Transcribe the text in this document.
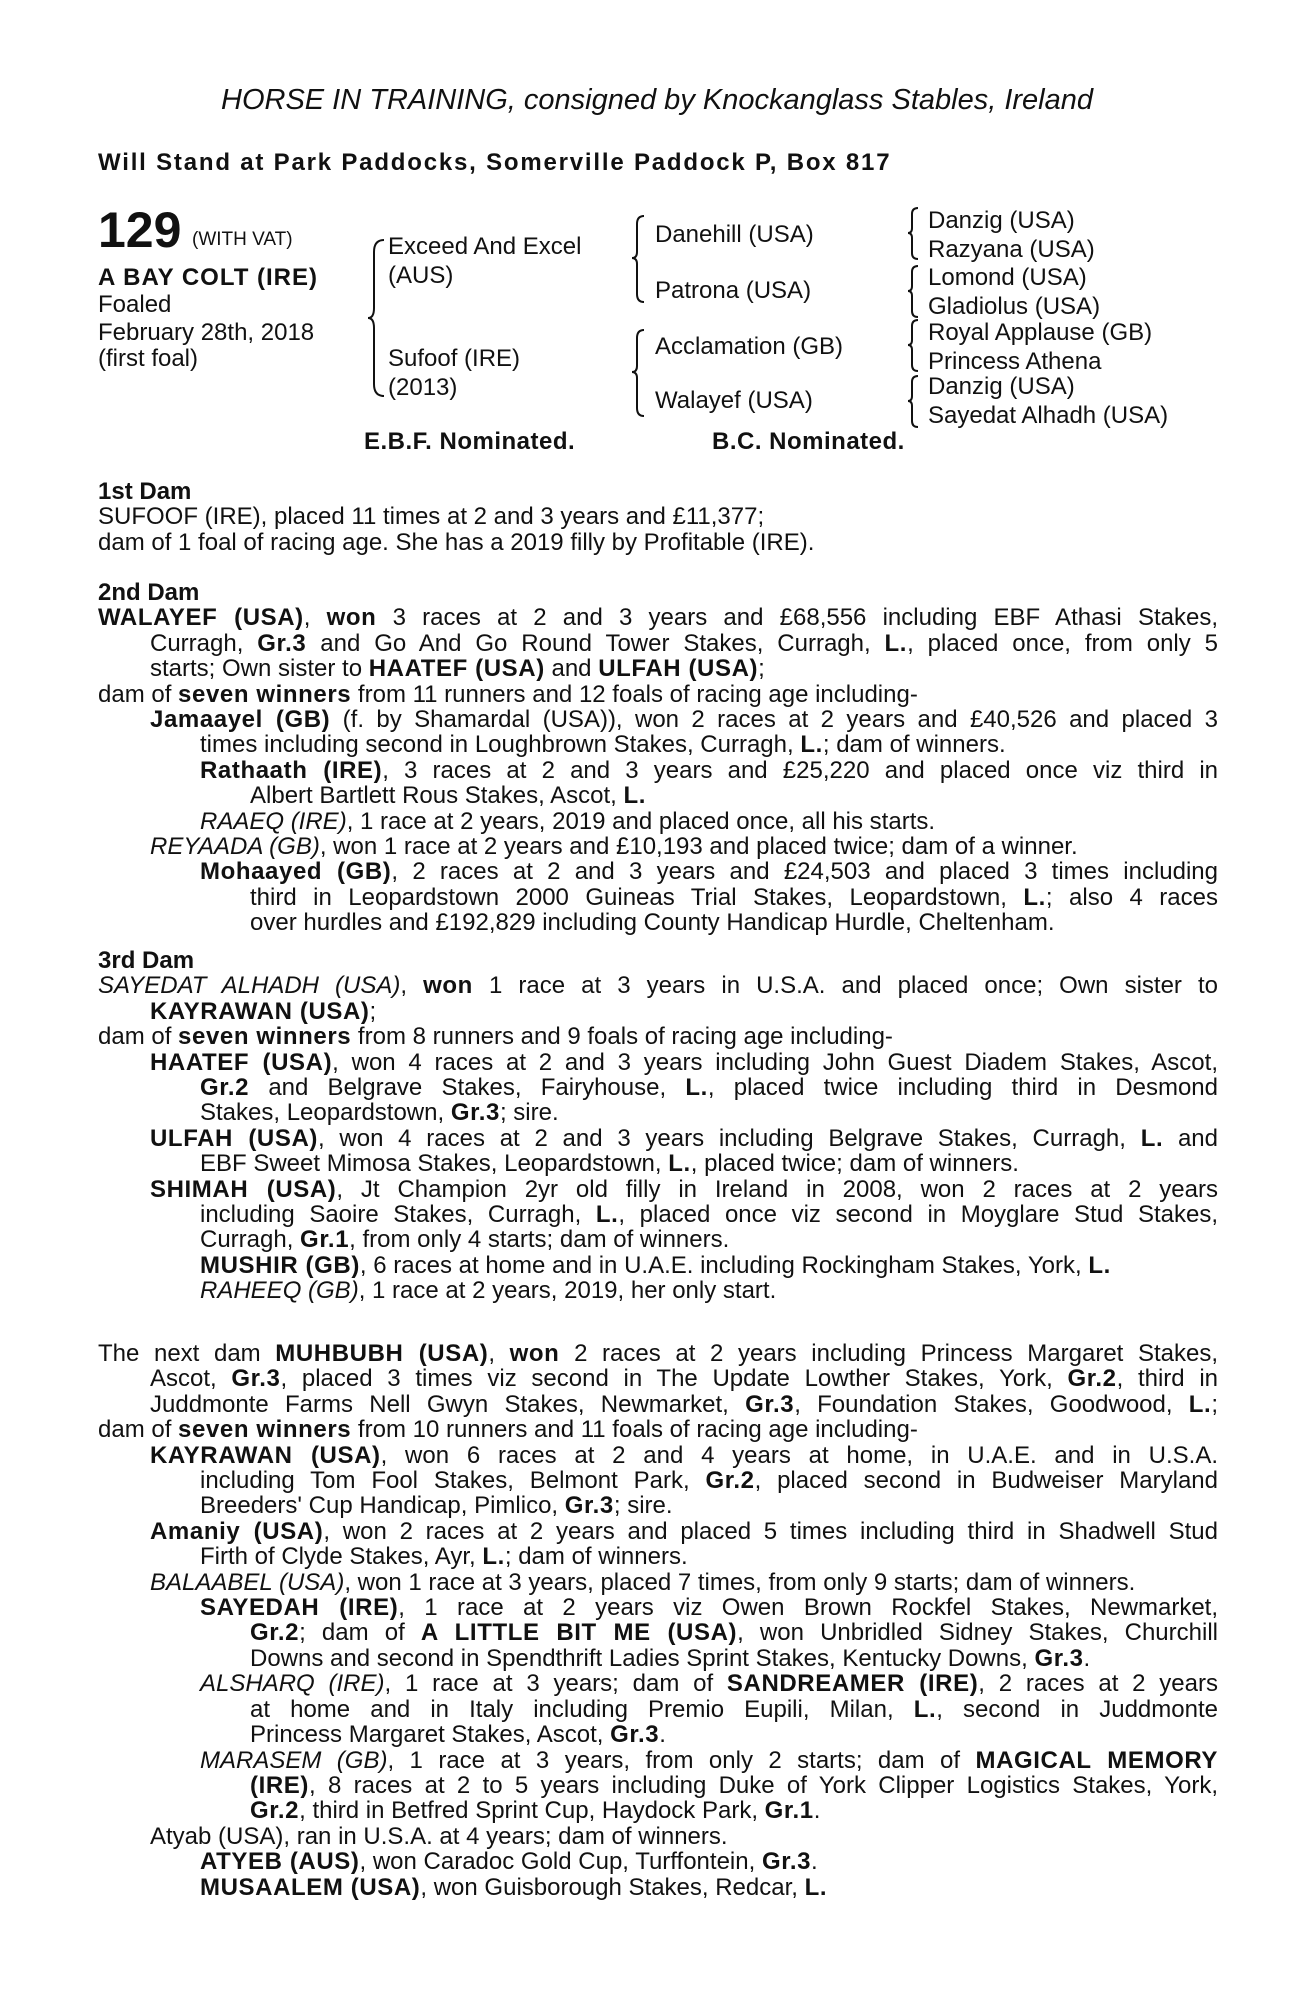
HORSE IN TRAINING, consigned by Knockanglass Stables, Ireland
Will Stand at Park Paddocks, Somerville Paddock P, Box 817
129 (WITH VAT)
A BAY COLT (IRE)
Foaled
February 28th, 2018
(first foal)
Exceed And Excel
(AUS)
Sufoof (IRE)
(2013)
Danehill (USA)
Patrona (USA)
Acclamation (GB)
Walayef (USA)
Danzig (USA)
Razyana (USA)
Lomond (USA)
Gladiolus (USA)
Royal Applause (GB)
Princess Athena
Danzig (USA)
Sayedat Alhadh (USA)
E.B.F. Nominated.	B.C. Nominated.
1st Dam
SUFOOF (IRE), placed 11 times at 2 and 3 years and £11,377;
dam of 1 foal of racing age. She has a 2019 filly by Profitable (IRE).
2nd Dam
WALAYEF (USA), won 3 races at 2 and 3 years and £68,556 including EBF Athasi Stakes,
Curragh, Gr.3 and Go And Go Round Tower Stakes, Curragh, L., placed once, from only 5
starts; Own sister to HAATEF (USA) and ULFAH (USA);
dam of seven winners from 11 runners and 12 foals of racing age including-
Jamaayel (GB) (f. by Shamardal (USA)), won 2 races at 2 years and £40,526 and placed 3
times including second in Loughbrown Stakes, Curragh, L.; dam of winners.
Rathaath (IRE), 3 races at 2 and 3 years and £25,220 and placed once viz third in
Albert Bartlett Rous Stakes, Ascot, L.
RAAEQ (IRE), 1 race at 2 years, 2019 and placed once, all his starts.
REYAADA (GB), won 1 race at 2 years and £10,193 and placed twice; dam of a winner.
Mohaayed (GB), 2 races at 2 and 3 years and £24,503 and placed 3 times including
third in Leopardstown 2000 Guineas Trial Stakes, Leopardstown, L.; also 4 races
over hurdles and £192,829 including County Handicap Hurdle, Cheltenham.
3rd Dam
SAYEDAT ALHADH (USA), won 1 race at 3 years in U.S.A. and placed once; Own sister to
KAYRAWAN (USA);
dam of seven winners from 8 runners and 9 foals of racing age including-
HAATEF (USA), won 4 races at 2 and 3 years including John Guest Diadem Stakes, Ascot,
Gr.2 and Belgrave Stakes, Fairyhouse, L., placed twice including third in Desmond
Stakes, Leopardstown, Gr.3; sire.
ULFAH (USA), won 4 races at 2 and 3 years including Belgrave Stakes, Curragh, L. and
EBF Sweet Mimosa Stakes, Leopardstown, L., placed twice; dam of winners.
SHIMAH (USA), Jt Champion 2yr old filly in Ireland in 2008, won 2 races at 2 years
including Saoire Stakes, Curragh, L., placed once viz second in Moyglare Stud Stakes,
Curragh, Gr.1, from only 4 starts; dam of winners.
MUSHIR (GB), 6 races at home and in U.A.E. including Rockingham Stakes, York, L.
RAHEEQ (GB), 1 race at 2 years, 2019, her only start.
The next dam MUHBUBH (USA), won 2 races at 2 years including Princess Margaret Stakes,
Ascot, Gr.3, placed 3 times viz second in The Update Lowther Stakes, York, Gr.2, third in
Juddmonte Farms Nell Gwyn Stakes, Newmarket, Gr.3, Foundation Stakes, Goodwood, L.;
dam of seven winners from 10 runners and 11 foals of racing age including-
KAYRAWAN (USA), won 6 races at 2 and 4 years at home, in U.A.E. and in U.S.A.
including Tom Fool Stakes, Belmont Park, Gr.2, placed second in Budweiser Maryland
Breeders' Cup Handicap, Pimlico, Gr.3; sire.
Amaniy (USA), won 2 races at 2 years and placed 5 times including third in Shadwell Stud
Firth of Clyde Stakes, Ayr, L.; dam of winners.
BALAABEL (USA), won 1 race at 3 years, placed 7 times, from only 9 starts; dam of winners.
SAYEDAH (IRE), 1 race at 2 years viz Owen Brown Rockfel Stakes, Newmarket,
Gr.2; dam of A LITTLE BIT ME (USA), won Unbridled Sidney Stakes, Churchill
Downs and second in Spendthrift Ladies Sprint Stakes, Kentucky Downs, Gr.3.
ALSHARQ (IRE), 1 race at 3 years; dam of SANDREAMER (IRE), 2 races at 2 years
at home and in Italy including Premio Eupili, Milan, L., second in Juddmonte
Princess Margaret Stakes, Ascot, Gr.3.
MARASEM (GB), 1 race at 3 years, from only 2 starts; dam of MAGICAL MEMORY
(IRE), 8 races at 2 to 5 years including Duke of York Clipper Logistics Stakes, York,
Gr.2, third in Betfred Sprint Cup, Haydock Park, Gr.1.
Atyab (USA), ran in U.S.A. at 4 years; dam of winners.
ATYEB (AUS), won Caradoc Gold Cup, Turffontein, Gr.3.
MUSAALEM (USA), won Guisborough Stakes, Redcar, L.
